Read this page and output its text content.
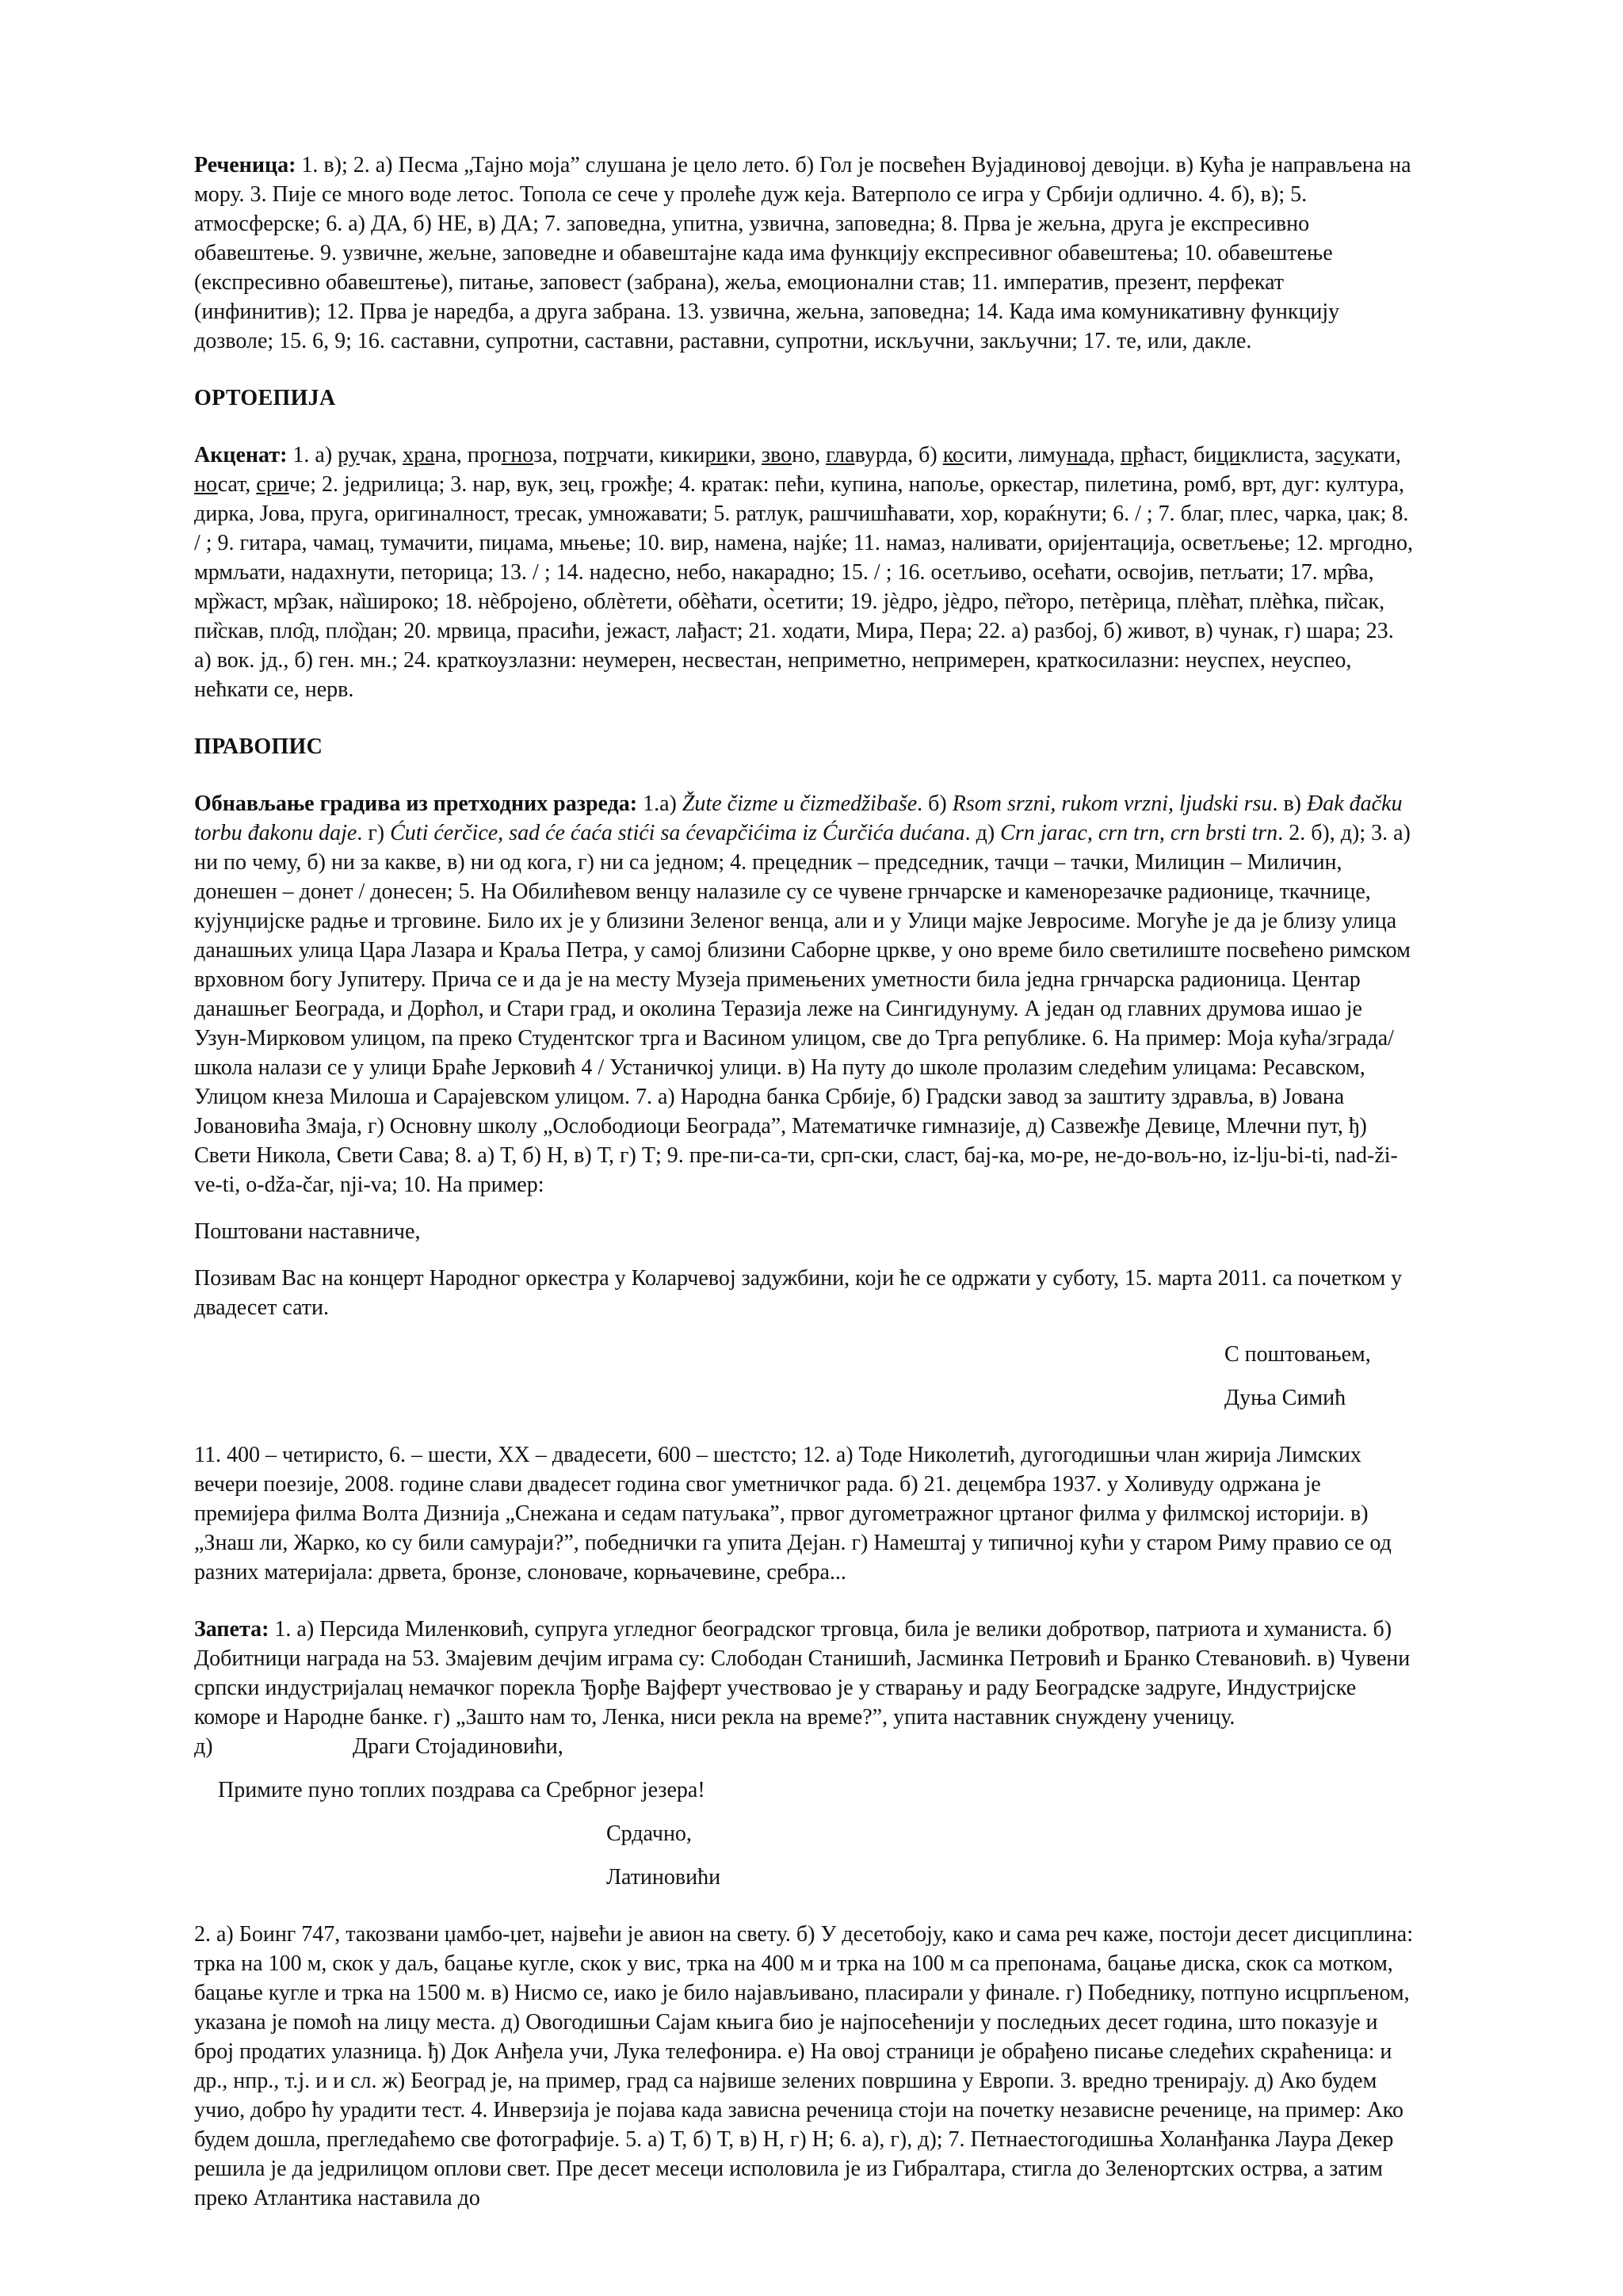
Реченица: 1. в); 2. а) Песма „Тајно моја” слушана је цело лето. б) Гол је посвећен Вујадиновој девојци. в) Кућа је направљена на мору. 3. Пије се много воде летос. Топола се сече у пролеће дуж кеја. Ватерполо се игра у Србији одлично. 4. б), в); 5. атмосферске; 6. а) ДА, б) НЕ, в) ДА; 7. заповедна, упитна, узвична, заповедна; 8. Прва је жељна, друга је експресивно обавештење. 9. узвичне, жељне, заповедне и обавештајне када има функцију експресивног обавештења; 10. обавештење (експресивно обавештење), питање, заповест (забрана), жеља, емоционални став; 11. императив, презент, перфекат (инфинитив); 12. Прва је наредба, а друга забрана. 13. узвична, жељна, заповедна; 14. Када има комуникативну функцију дозволе; 15. 6, 9; 16. саставни, супротни, саставни, раставни, супротни, искључни, закључни; 17. те, или, дакле.

ОРТОЕПИЈА

Акценат: 1. а) ручак, храна, прогноза, потрчати, кикирики, звоно, главурда, б) косити, лимунада, прћаст, бициклиста, засукати, носат, сриче; 2. једрилица; 3. нар, вук, зец, грожђе; 4. кратак: пећи, купина, напоље, оркестар, пилетина, ромб, врт, дуг: култура, дирка, Јова, пруга, оригиналност, тресак, умножавати; 5. ратлук, рашчишћавати, хор, кораќнути; 6. / ; 7. благ, плес, чарка, џак; 8. / ; 9. гитара, чамац, тумачити, пиџама, мњење; 10. вир, намена, најќе; 11. намаз, наливати, оријентација, осветљење; 12. мргодно, мрмљати, надахнути, петорица; 13. / ; 14. надесно, небо, накарадно; 15. / ; 16. осетљиво, осећати, освојив, петљати; 17. мр̂ва, мр̏жаст, мр̂зак, на̏широко; 18. нѐбројено, облѐтети, обѐћати, о̀сетити; 19. јѐдро, јѐдро, пе̏торо, петѐрица, плѐћат, плѐћка, пи̏сак, пи̏скав, пло̑д, пло̏дан; 20. мрвица, прасићи, јежаст, лађаст; 21. ходати, Мира, Пера; 22. а) разбој, б) живот, в) чунак, г) шара; 23. а) вок. јд., б) ген. мн.; 24. краткоузлазни: неумерен, несвестан, неприметно, непримерен, краткосилазни: неуспех, неуспео, нећкати се, нерв.

ПРАВОПИС

Обнављање градива из претходних разреда: 1.а) Žute čizme u čizmedžibaše. б) Rsom srzni, rukom vrzni, ljudski rsu. в) Đak đačku torbu đakonu daje. г) Ćuti ćerčice, sad će ćaća stići sa ćevapčićima iz Ćurčića dućana. д) Crn jarac, crn trn, crn brsti trn. 2. б), д); 3. а) ни по чему, б) ни за какве, в) ни од кога, г) ни са једном; 4. прецедник – председник, тачци – тачки, Милицин – Миличин, донешен – донет / донесен; 5. На Обилићевом венцу налазиле су се чувене грнчарске и каменорезачке радионице, ткачнице, кујунџијске радње и трговине. Било их је у близини Зеленог венца, али и у Улици мајке Јевросиме. Могуће је да је близу улица данашњих улица Цара Лазара и Краља Петра, у самој близини Саборне цркве, у оно време било светилиште посвећено римском врховном богу Јупитеру. Прича се и да је на месту Музеја примењених уметности била једна грнчарска радионица. Центар данашњег Београда, и Дорћол, и Стари град, и околина Теразија леже на Сингидунуму. А један од главних друмова ишао је Узун-Мирковом улицом, па преко Студентског трга и Васином улицом, све до Трга републике. 6. На пример: Моја кућа/зграда/школа налази се у улици Браће Јерковић 4 / Устаничкој улици. в) На путу до школе пролазим следећим улицама: Ресавском, Улицом кнеза Милоша и Сарајевском улицом. 7. а) Народна банка Србије, б) Градски завод за заштиту здравља, в) Јована Јовановића Змаја, г) Основну школу „Ослободиоци Београда”, Математичке гимназије, д) Сазвежђе Девице, Млечни пут, ђ) Свети Никола, Свети Сава; 8. а) Т, б) Н, в) Т, г) Т; 9. пре-пи-са-ти, срп-ски, сласт, бај-ка, мо-ре, не-до-вољ-но, iz-lju-bi-ti, nad-ži-ve-ti, o-dža-čar, nji-va; 10. На пример:

Поштовани наставниче,

Позивам Вас на концерт Народног оркестра у Коларчевој задужбини, који ће се одржати у суботу, 15. марта 2011. са почетком у двадесет сати.

С поштовањем,

Дуња Симић

11. 400 – четиристо, 6. – шести, XX – двадесети, 600 – шестсто; 12. а) Тоде Николетић, дугогодишњи члан жирија Лимских вечери поезије, 2008. године слави двадесет година свог уметничког рада. б) 21. децембра 1937. у Холивуду одржана је премијера филма Волта Дизнија „Снежана и седам патуљака”, првог дугометражног цртаног филма у филмској историји. в) „Знаш ли, Жарко, ко су били самураји?”, победнички га упита Дејан. г) Намештај у типичној кући у старом Риму правио се од разних материјала: дрвета, бронзе, слоноваче, корњачевине, сребра...

Запета: 1. а) Персида Миленковић, супруга угледног београдског трговца, била је велики добротвор, патриота и хуманиста. б) Добитници награда на 53. Змајевим дечјим играма су: Слободан Станишић, Јасминка Петровић и Бранко Стевановић. в) Чувени српски индустријалац немачког порекла Ђорђе Вајферт учествовао је у стварању и раду Београдске задруге, Индустријске коморе и Народне банке. г) „Зашто нам то, Ленка, ниси рекла на време?”, упита наставник снуждену ученицу.

д)	Драги Стојадиновићи,

Примите пуно топлих поздрава са Сребрног језера!

Срдачно,

Латиновићи

2. а) Боинг 747, такозвани џамбо-џет, највећи је авион на свету. б) У десетобоју, како и сама реч каже, постоји десет дисциплина: трка на 100 м, скок у даљ, бацање кугле, скок у вис, трка на 400 м и трка на 100 м са препонама, бацање диска, скок са мотком, бацање кугле и трка на 1500 м. в) Нисмо се, иако је било најављивано, пласирали у финале. г) Победнику, потпуно исцрпљеном, указана је помоћ на лицу места. д) Овогодишњи Сајам књига био је најпосећенији у последњих десет година, што показује и број продатих улазница. ђ) Док Анђела учи, Лука телефонира. е) На овој страници је обрађено писање следећих скраћеница: и др., нпр., т.ј. и и сл. ж) Београд је, на пример, град са највише зелених површина у Европи. 3. вредно тренирају. д) Ако будем учио, добро ћу урадити тест. 4. Инверзија је појава када зависна реченица стоји на почетку независне реченице, на пример: Ако будем дошла, прегледаћемо све фотографије. 5. а) Т, б) Т, в) Н, г) Н; 6. а), г), д); 7. Петнаестогодишња Холанђанка Лаура Декер решила је да једрилицом оплови свет. Пре десет месеци исполовила је из Гибралтара, стигла до Зеленортских острва, а затим преко Атлантика наставила до
